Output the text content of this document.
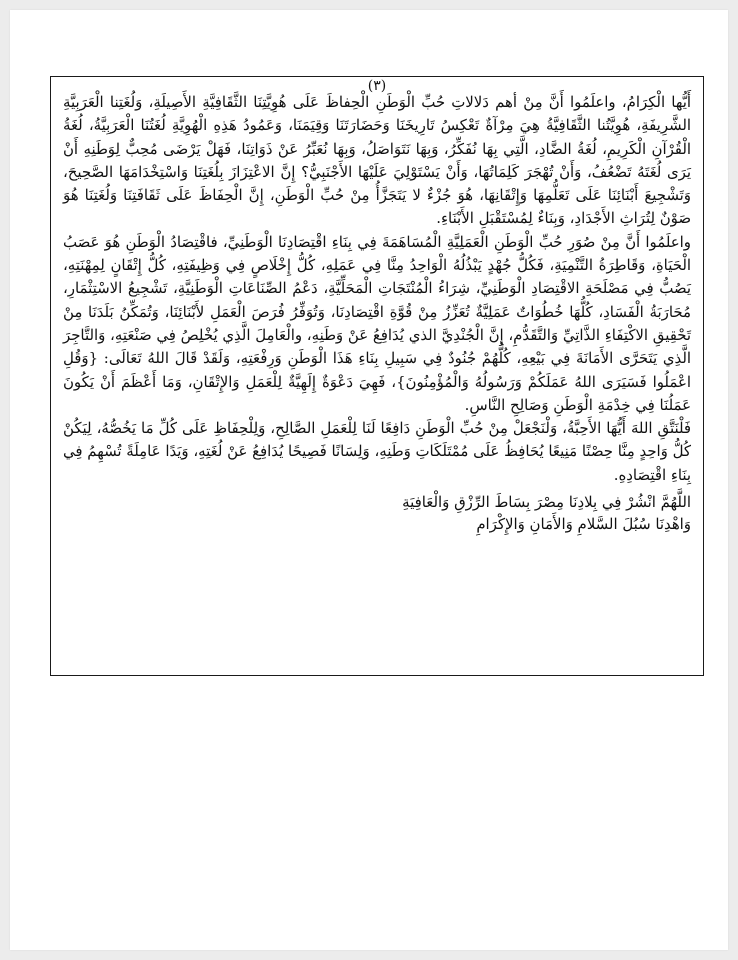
(٣)

أَيُّها الْكِرَامُ، واعلَمُوا أَنَّ مِنْ أهم دَلالاتِ حُبِّ الْوَطَنِ الْحِفاظَ عَلَى هُوِيَّتِنَا الثَّقَافِيَّةِ الأَصِيلَةِ، وَلُغَتِنا الْعَرَبِيَّةِ الشَّرِيفَةِ، هُوِيَّتُنا الثَّقَافِيَّةُ هِيَ مِرْآةٌ تَعْكِسُ تَارِيخَنَا وَحَضَارَتَنَا وَقِيَمَنَا، وَعَمُودُ هَذِهِ الْهُوِيَّةِ لُغَتُنَا الْعَرَبِيَّةُ، لُغَةُ الْقُرْآنِ الْكَرِيمِ، لُغَةُ الضَّادِ، الَّتِي بِهَا نُفَكِّرُ، وَبِهَا نَتَوَاصَلُ، وَبِهَا نُعَبِّرُ عَنْ ذَوَاتِنَا، فَهَلْ يَرْضَى مُحِبٌّ لِوَطَنِهِ أَنْ يَرَى لُغَتَهُ تَضْعُفُ، وَأَنْ تُهْجَرَ كَلِمَاتُهَا، وَأَنْ يَسْتَوْلِيَ عَلَيْهَا الأَجْنَبِيُّ؟ إِنَّ الاعْتِزَازَ بِلُغَتِنَا وَاسْتِخْدَامَهَا الصَّحِيحَ، وَتَشْجِيعَ أَبْنَائِنَا عَلَى تَعَلُّمِهَا وَإِتْقَانِهَا، هُوَ جُزْءٌ لا يَتَجَزَّأُ مِنْ حُبِّ الْوَطَنِ، إِنَّ الْحِفَاظَ عَلَى ثَقَافَتِنَا وَلُغَتِنَا هُوَ صَوْنٌ لِتُرَاثِ الأَجْدَادِ، وَبِنَاءٌ لِمُسْتَقْبَلِ الأَبْنَاءِ.

واعلَمُوا أَنَّ مِنْ صُوَرِ حُبِّ الْوَطَنِ الْعَمَلِيَّةِ الْمُسَاهَمَةَ فِي بِنَاءِ اقْتِصَادِنَا الْوَطَنِيِّ، فاقْتِصَادُ الْوَطَنِ هُوَ عَصَبُ الْحَيَاةِ، وَقَاطِرَةُ التَّنْمِيَةِ، فَكُلُّ جُهْدٍ يَبْذُلُهُ الْوَاحِدُ مِنَّا فِي عَمَلِهِ، كُلُّ إِخْلَاصٍ فِي وَظِيفَتِهِ، كُلُّ إِتْقَانٍ لِمِهْنَتِهِ، يَصُبُّ فِي مَصْلَحَةِ الاقْتِصَادِ الْوَطَنِيِّ، شِرَاءُ الْمُنْتَجَاتِ الْمَحَلِّيَّةِ، دَعْمُ الصِّنَاعَاتِ الْوَطَنِيَّةِ، تَشْجِيعُ الاسْتِثْمَارِ، مُحَارَبَةُ الْفَسَادِ، كُلُّهَا خُطُوَاتٌ عَمَلِيَّةٌ تُعَزِّزُ مِنْ قُوَّةِ اقْتِصَادِنَا، وَتُوَفِّرُ فُرَصَ الْعَمَلِ لأَبْنَائِنَا، وَتُمَكِّنُ بَلَدَنَا مِنْ تَحْقِيقِ الاكْتِفَاءِ الذَّاتِيِّ وَالتَّقَدُّمِ، إِنَّ الْجُنْدِيَّ الذي يُدَافِعُ عَنْ وَطَنِهِ، والْعَامِلَ الَّذِي يُخْلِصُ فِي صَنْعَتِهِ، وَالتَّاجِرَ الَّذِي يَتَحَرَّى الأَمَانَةَ فِي بَيْعِهِ، كُلُّهُمْ جُنُودٌ فِي سَبِيلِ بِنَاءِ هَذَا الْوَطَنِ وَرِفْعَتِهِ، وَلَقَدْ قَالَ اللهُ تَعَالَى: {وَقُلِ اعْمَلُوا فَسَيَرَى اللهُ عَمَلَكُمْ وَرَسُولُهُ وَالْمُؤْمِنُونَ}، فَهِيَ دَعْوَةٌ إِلَهِيَّةٌ لِلْعَمَلِ وَالإِتْقَانِ، وَمَا أَعْظَمَ أَنْ يَكُونَ عَمَلُنَا فِي خِدْمَةِ الْوَطَنِ وَصَالِحِ النَّاسِ.

فَلْنَتَّقِ اللهَ أَيُّهَا الأَحِبَّةُ، وَلْنَجْعَلْ مِنْ حُبِّ الْوَطَنِ دَافِعًا لَنَا لِلْعَمَلِ الصَّالِحِ، وَلِلْحِفَاظِ عَلَى كُلِّ مَا يَخُصُّهُ، لِيَكُنْ كُلُّ وَاحِدٍ مِنَّا حِصْنًا مَنِيعًا يُحَافِظُ عَلَى مُمْتَلَكَاتِ وَطَنِهِ، وَلِسَانًا فَصِيحًا يُدَافِعُ عَنْ لُغَتِهِ، وَيَدًا عَامِلَةً تُسْهِمُ فِي بِنَاءِ اقْتِصَادِهِ.

اللَّهُمَّ انْشُرْ فِي بِلادِنَا مِصْرَ بِسَاطَ الرِّزْقِ وَالْعَافِيَةِ
وَاهْدِنَا سُبُلَ السَّلامِ وَالأَمَانِ وَالإِكْرَامِ
